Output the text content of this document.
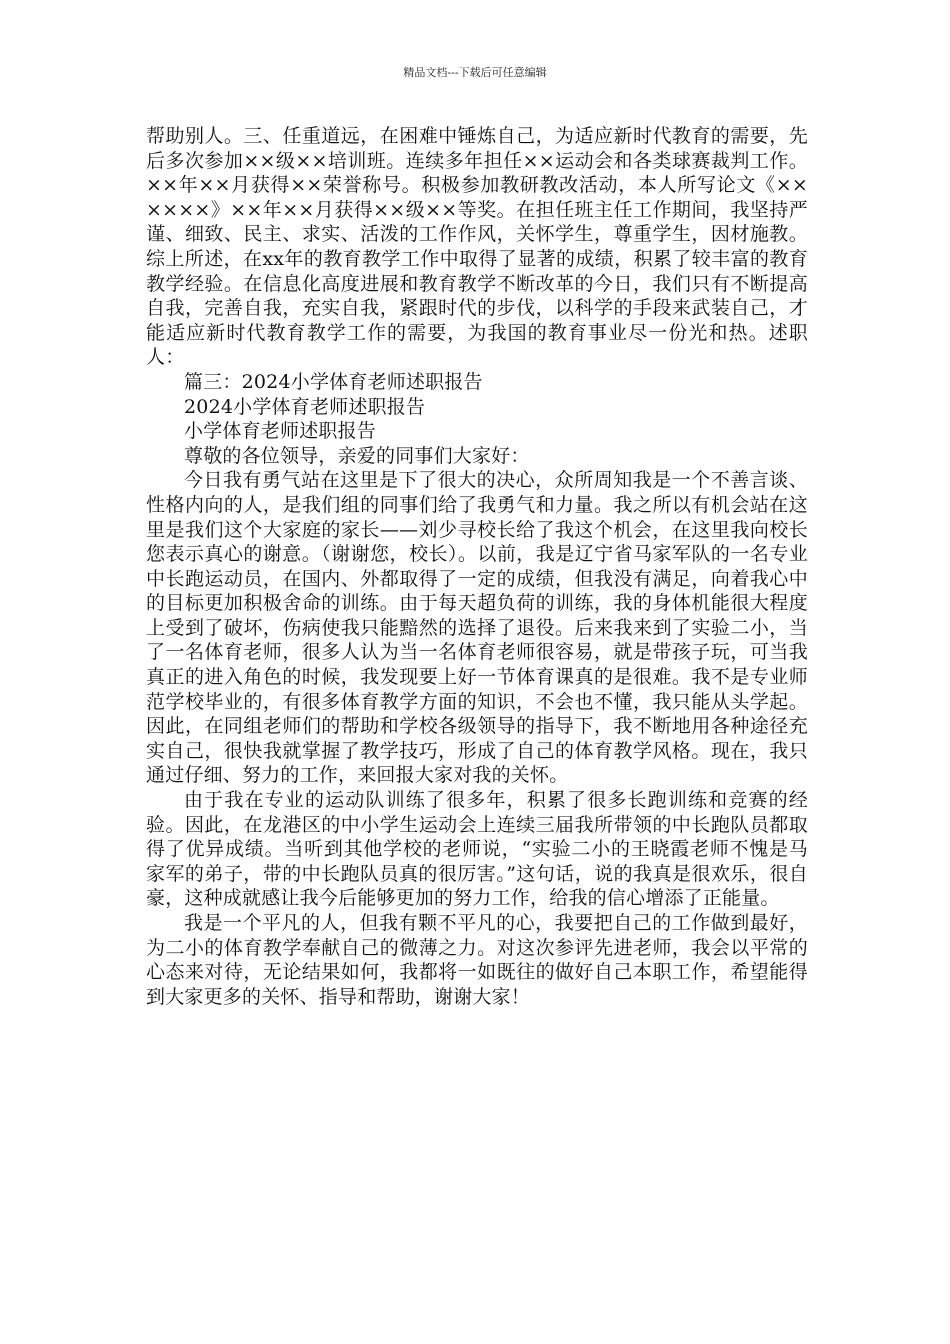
精品文档---下载后可任意编辑

帮助别人。三、任重道远，在困难中锤炼自己，为适应新时代教育的需要，先后多次参加××级××培训班。连续多年担任××运动会和各类球赛裁判工作。××年××月获得××荣誉称号。积极参加教研教改活动，本人所写论文《××××××》××年××月获得××级××等奖。在担任班主任工作期间，我坚持严谨、细致、民主、求实、活泼的工作作风，关怀学生，尊重学生，因材施教。综上所述，在xx年的教育教学工作中取得了显著的成绩，积累了较丰富的教育教学经验。在信息化高度进展和教育教学不断改革的今日，我们只有不断提高自我，完善自我，充实自我，紧跟时代的步伐，以科学的手段来武装自己，才能适应新时代教育教学工作的需要，为我国的教育事业尽一份光和热。述职人：

篇三：2024小学体育老师述职报告

2024小学体育老师述职报告

小学体育老师述职报告

尊敬的各位领导，亲爱的同事们大家好：

今日我有勇气站在这里是下了很大的决心，众所周知我是一个不善言谈、性格内向的人，是我们组的同事们给了我勇气和力量。我之所以有机会站在这里是我们这个大家庭的家长——刘少寻校长给了我这个机会，在这里我向校长您表示真心的谢意。（谢谢您，校长）。以前，我是辽宁省马家军队的一名专业中长跑运动员，在国内、外都取得了一定的成绩，但我没有满足，向着我心中的目标更加积极舍命的训练。由于每天超负荷的训练，我的身体机能很大程度上受到了破坏，伤病使我只能黯然的选择了退役。后来我来到了实验二小，当了一名体育老师，很多人认为当一名体育老师很容易，就是带孩子玩，可当我真正的进入角色的时候，我发现要上好一节体育课真的是很难。我不是专业师范学校毕业的，有很多体育教学方面的知识，不会也不懂，我只能从头学起。因此，在同组老师们的帮助和学校各级领导的指导下，我不断地用各种途径充实自己，很快我就掌握了教学技巧，形成了自己的体育教学风格。现在，我只通过仔细、努力的工作，来回报大家对我的关怀。

由于我在专业的运动队训练了很多年，积累了很多长跑训练和竞赛的经验。因此，在龙港区的中小学生运动会上连续三届我所带领的中长跑队员都取得了优异成绩。当听到其他学校的老师说，“实验二小的王晓霞老师不愧是马家军的弟子，带的中长跑队员真的很厉害。”这句话，说的我真是很欢乐，很自豪，这种成就感让我今后能够更加的努力工作，给我的信心增添了正能量。

我是一个平凡的人，但我有颗不平凡的心，我要把自己的工作做到最好，为二小的体育教学奉献自己的微薄之力。对这次参评先进老师，我会以平常的心态来对待，无论结果如何，我都将一如既往的做好自己本职工作，希望能得到大家更多的关怀、指导和帮助，谢谢大家！
